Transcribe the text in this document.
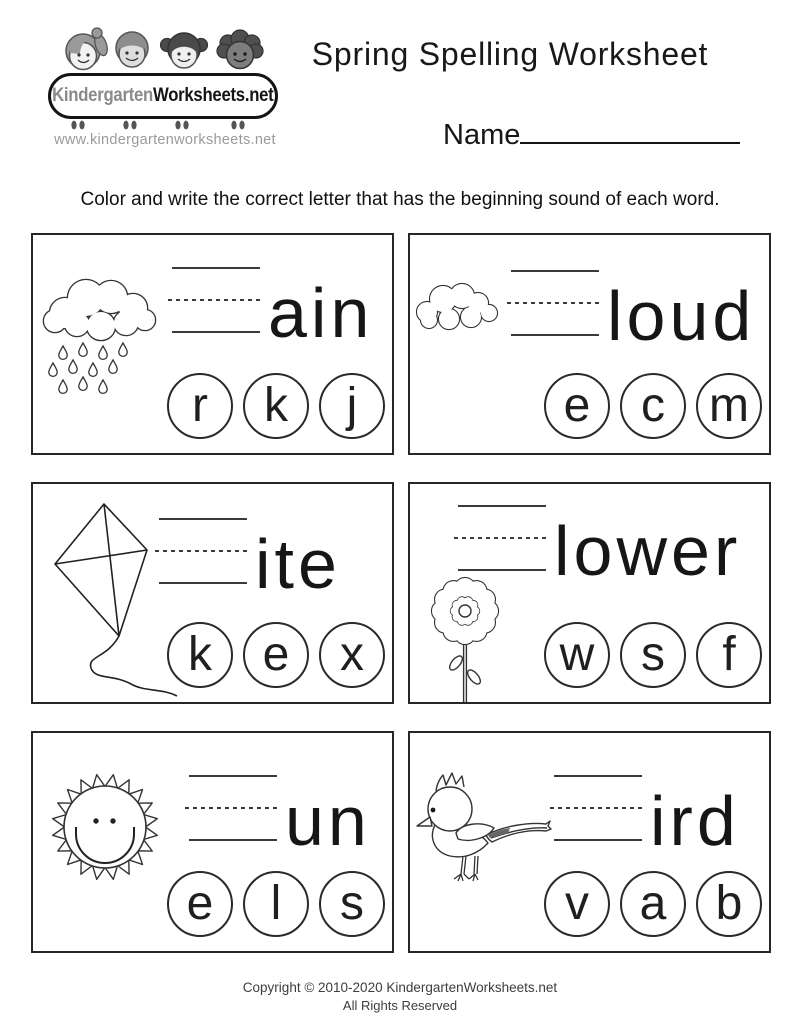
KindergartenWorksheets.net
www.kindergartenworksheets.net
Spring Spelling Worksheet
Name
Color and write the correct letter that has the beginning sound of each word.
ain
r k j
loud
e c m
ite
k e x
lower
w s f
un
e l s
ird
v a b
Copyright © 2010-2020 KindergartenWorksheets.net
All Rights Reserved
